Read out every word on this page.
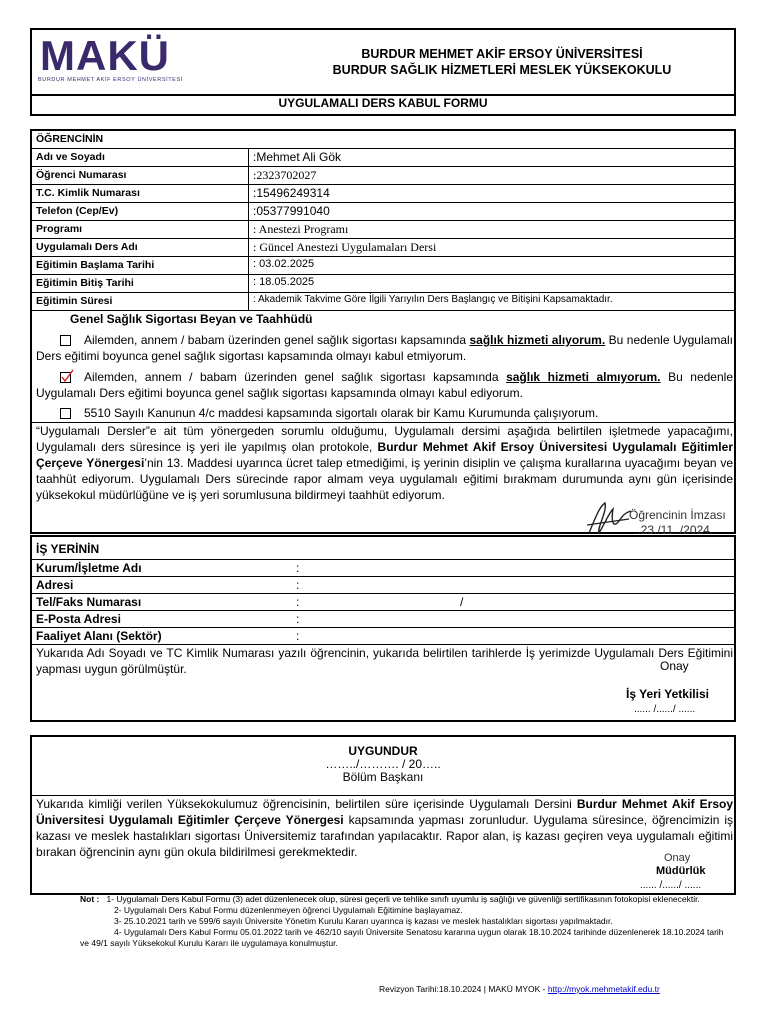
MAKÜ
BURDUR MEHMET AKİF ERSOY ÜNİVERSİTESİ
BURDUR MEHMET AKİF ERSOY ÜNİVERSİTESİ
BURDUR SAĞLIK HİZMETLERİ MESLEK YÜKSEKOKULU
UYGULAMALI DERS KABUL FORMU
ÖĞRENCİNİN
Adı ve Soyadı	:Mehmet Ali Gök
Öğrenci Numarası	:2323702027
T.C. Kimlik Numarası	:15496249314
Telefon (Cep/Ev)	:05377991040
Programı	: Anestezi Programı
Uygulamalı Ders Adı	: Güncel Anestezi Uygulamaları Dersi
Eğitimin Başlama Tarihi	: 03.02.2025
Eğitimin Bitiş Tarihi	: 18.05.2025
Eğitimin Süresi	: Akademik Takvime Göre İlgili Yarıyılın Ders Başlangıç ve Bitişini Kapsamaktadır.
Genel Sağlık Sigortası Beyan ve Taahhüdü
Ailemden, annem / babam üzerinden genel sağlık sigortası kapsamında sağlık hizmeti alıyorum. Bu nedenle Uygulamalı Ders eğitimi boyunca genel sağlık sigortası kapsamında olmayı kabul etmiyorum.
Ailemden, annem / babam üzerinden genel sağlık sigortası kapsamında sağlık hizmeti almıyorum. Bu nedenle Uygulamalı Ders eğitimi boyunca genel sağlık sigortası kapsamında olmayı kabul ediyorum.
5510 Sayılı Kanunun 4/c maddesi kapsamında sigortalı olarak bir Kamu Kurumunda çalışıyorum.
“Uygulamalı Dersler”e ait tüm yönergeden sorumlu olduğumu, Uygulamalı dersimi aşağıda belirtilen işletmede yapacağımı, Uygulamalı ders süresince iş yeri ile yapılmış olan protokole, Burdur Mehmet Akif Ersoy Üniversitesi Uygulamalı Eğitimler Çerçeve Yönergesi’nin 13. Maddesi uyarınca ücret talep etmediğimi, iş yerinin disiplin ve çalışma kurallarına uyacağımı beyan ve taahhüt ediyorum. Uygulamalı Ders sürecinde rapor almam veya uygulamalı eğitimi bırakmam durumunda aynı gün içerisinde yüksekokul müdürlüğüne ve iş yeri sorumlusuna bildirmeyi taahhüt ediyorum.
Öğrencinin İmzası
..23./11../2024
İŞ YERİNİN
Kurum/İşletme Adı	:
Adresi	:
Tel/Faks Numarası	:	/
E-Posta Adresi	:
Faaliyet Alanı (Sektör)	:
Yukarıda Adı Soyadı ve TC Kimlik Numarası yazılı öğrencinin, yukarıda belirtilen tarihlerde İş yerimizde Uygulamalı Ders Eğitimini yapması uygun görülmüştür.	Onay
İş Yeri Yetkilisi
...... /....../ ......
UYGUNDUR
……../………. / 20…..
Bölüm Başkanı
Yukarıda kimliği verilen Yüksekokulumuz öğrencisinin, belirtilen süre içerisinde Uygulamalı Dersini Burdur Mehmet Akif Ersoy Üniversitesi Uygulamalı Eğitimler Çerçeve Yönergesi kapsamında yapması zorunludur. Uygulama süresince, öğrencimizin iş kazası ve meslek hastalıkları sigortası Üniversitemiz tarafından yapılacaktır. Rapor alan, iş kazası geçiren veya uygulamalı eğitimi bırakan öğrencinin aynı gün okula bildirilmesi gerekmektedir.	Onay
Müdürlük
...... /....../ ......
Not : 1- Uygulamalı Ders Kabul Formu (3) adet düzenlenecek olup, süresi geçerli ve tehlike sınıfı uyumlu iş sağlığı ve güvenliği sertifikasının fotokopisi eklenecektir.
2- Uygulamalı Ders Kabul Formu düzenlenmeyen öğrenci Uygulamalı Eğitimine başlayamaz.
3- 25.10.2021 tarih ve 599/6 sayılı Üniversite Yönetim Kurulu Kararı uyarınca iş kazası ve meslek hastalıkları sigortası yapılmaktadır.
4- Uygulamalı Ders Kabul Formu 05.01.2022 tarih ve 462/10 sayılı Üniversite Senatosu kararına uygun olarak 18.10.2024 tarihinde düzenlenerek 18.10.2024 tarih ve 49/1 sayılı Yüksekokul Kurulu Kararı ile uygulamaya konulmuştur.
Revizyon Tarihi:18.10.2024 | MAKÜ MYOK - http://myok.mehmetakif.edu.tr
